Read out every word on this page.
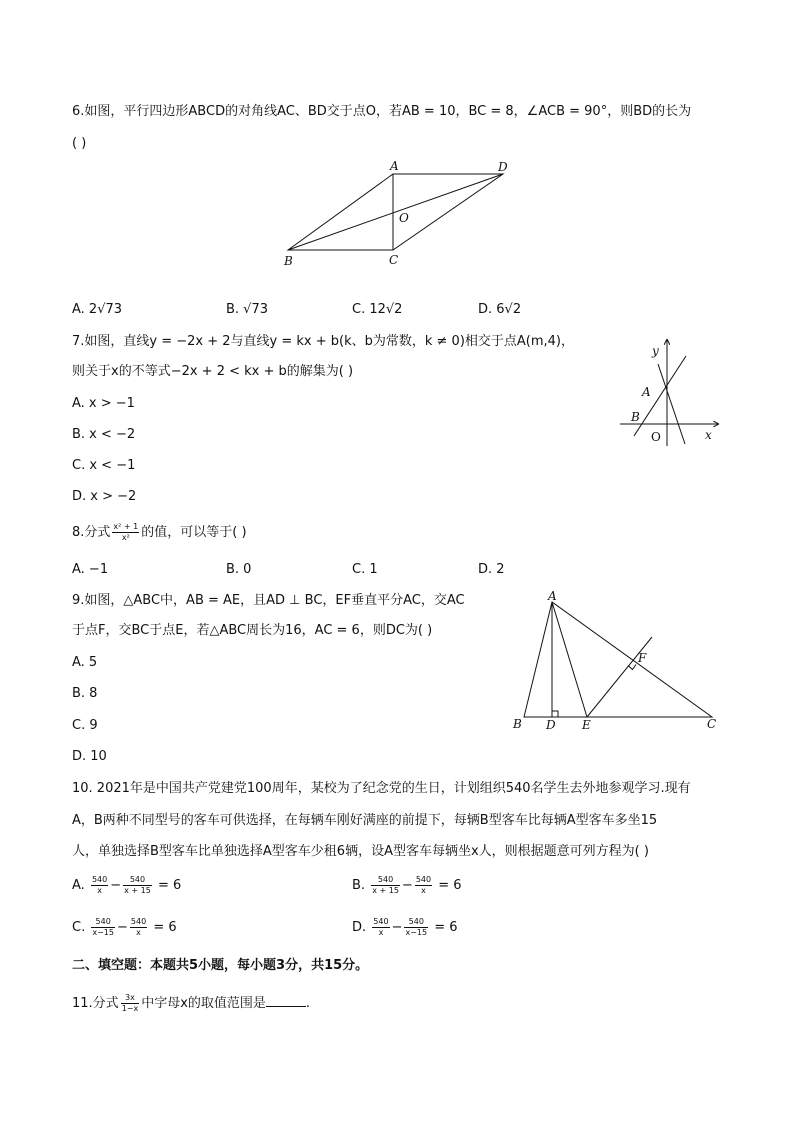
6.如图，平行四边形ABCD的对角线AC、BD交于点O，若AB = 10，BC = 8，∠ACB = 90°，则BD的长为
( )
A	D
O
B	C
A. 2√73	B. √73	C. 12√2	D. 6√2
7.如图，直线y = −2x + 2与直线y = kx + b(k、b为常数，k ≠ 0)相交于点A(m,4)，
则关于x的不等式−2x + 2 < kx + b的解集为( )
y
x
A
B
O
A. x > −1
B. x < −2
C. x < −1
D. x > −2
8.分式 $\frac{\text{x² + 1}}{\text{x²}}$ 的值，可以等于( )
A. −1	B. 0	C. 1	D. 2
9.如图，△ABC中，AB = AE，且AD ⊥ BC，EF垂直平分AC，交AC
于点F，交BC于点E，若△ABC周长为16，AC = 6，则DC为( )
A
B D E
F
C
A. 5
B. 8
C. 9
D. 10
10. 2021年是中国共产党建党100周年，某校为了纪念党的生日，计划组织540名学生去外地参观学习.现有
A，B两种不同型号的客车可供选择，在每辆车刚好满座的前提下，每辆B型客车比每辆A型客车多坐15
人，单独选择B型客车比单独选择A型客车少租6辆，设A型客车每辆坐x人，则根据题意可列方程为( )
A. $\frac{540}{x} - \frac{540}{x + 15} = 6$	B. $\frac{540}{x + 15} - \frac{540}{x} = 6$
C. $\frac{540}{x-15} - \frac{540}{x} = 6$	D. $\frac{540}{x} - \frac{540}{x-15} = 6$
二、填空题：本题共5小题，每小题3分，共15分。
11.分式 $\frac{3x}{1-x}$ 中字母x的取值范围是	.
